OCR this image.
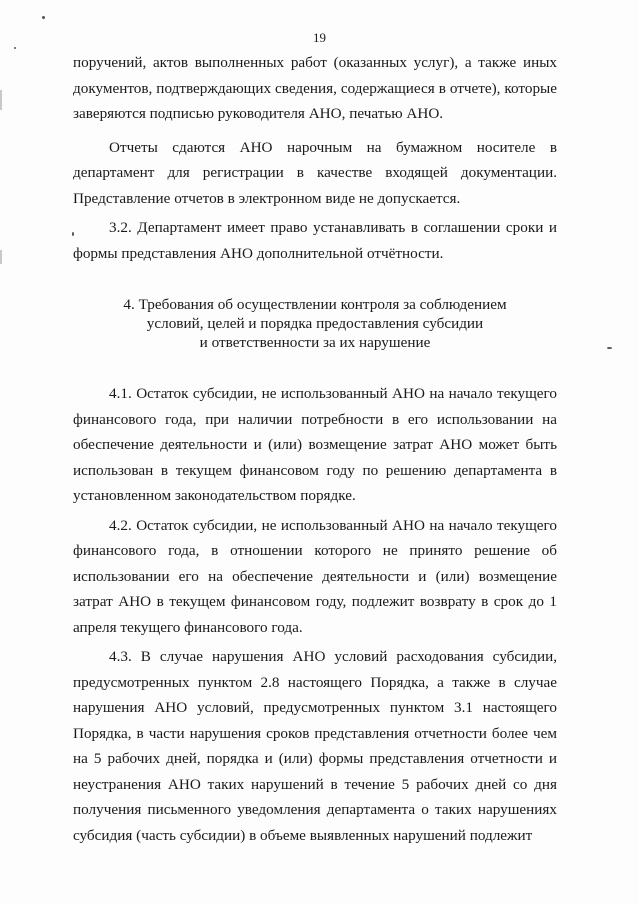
19

поручений, актов выполненных работ (оказанных услуг), а также иных документов, подтверждающих сведения, содержащиеся в отчете), которые заверяются подписью руководителя АНО, печатью АНО.

Отчеты сдаются АНО нарочным на бумажном носителе в департамент для регистрации в качестве входящей документации. Представление отчетов в электронном виде не допускается.

3.2. Департамент имеет право устанавливать в соглашении сроки и формы представления АНО дополнительной отчётности.

4. Требования об осуществлении контроля за соблюдением
условий, целей и порядка предоставления субсидии
и ответственности за их нарушение

4.1. Остаток субсидии, не использованный АНО на начало текущего финансового года, при наличии потребности в его использовании на обеспечение деятельности и (или) возмещение затрат АНО может быть использован в текущем финансовом году по решению департамента в установленном законодательством порядке.

4.2. Остаток субсидии, не использованный АНО на начало текущего финансового года, в отношении которого не принято решение об использовании его на обеспечение деятельности и (или) возмещение затрат АНО в текущем финансовом году, подлежит возврату в срок до 1 апреля текущего финансового года.

4.3. В случае нарушения АНО условий расходования субсидии, предусмотренных пунктом 2.8 настоящего Порядка, а также в случае нарушения АНО условий, предусмотренных пунктом 3.1 настоящего Порядка, в части нарушения сроков представления отчетности более чем на 5 рабочих дней, порядка и (или) формы представления отчетности и неустранения АНО таких нарушений в течение 5 рабочих дней со дня получения письменного уведомления департамента о таких нарушениях субсидия (часть субсидии) в объеме выявленных нарушений подлежит
